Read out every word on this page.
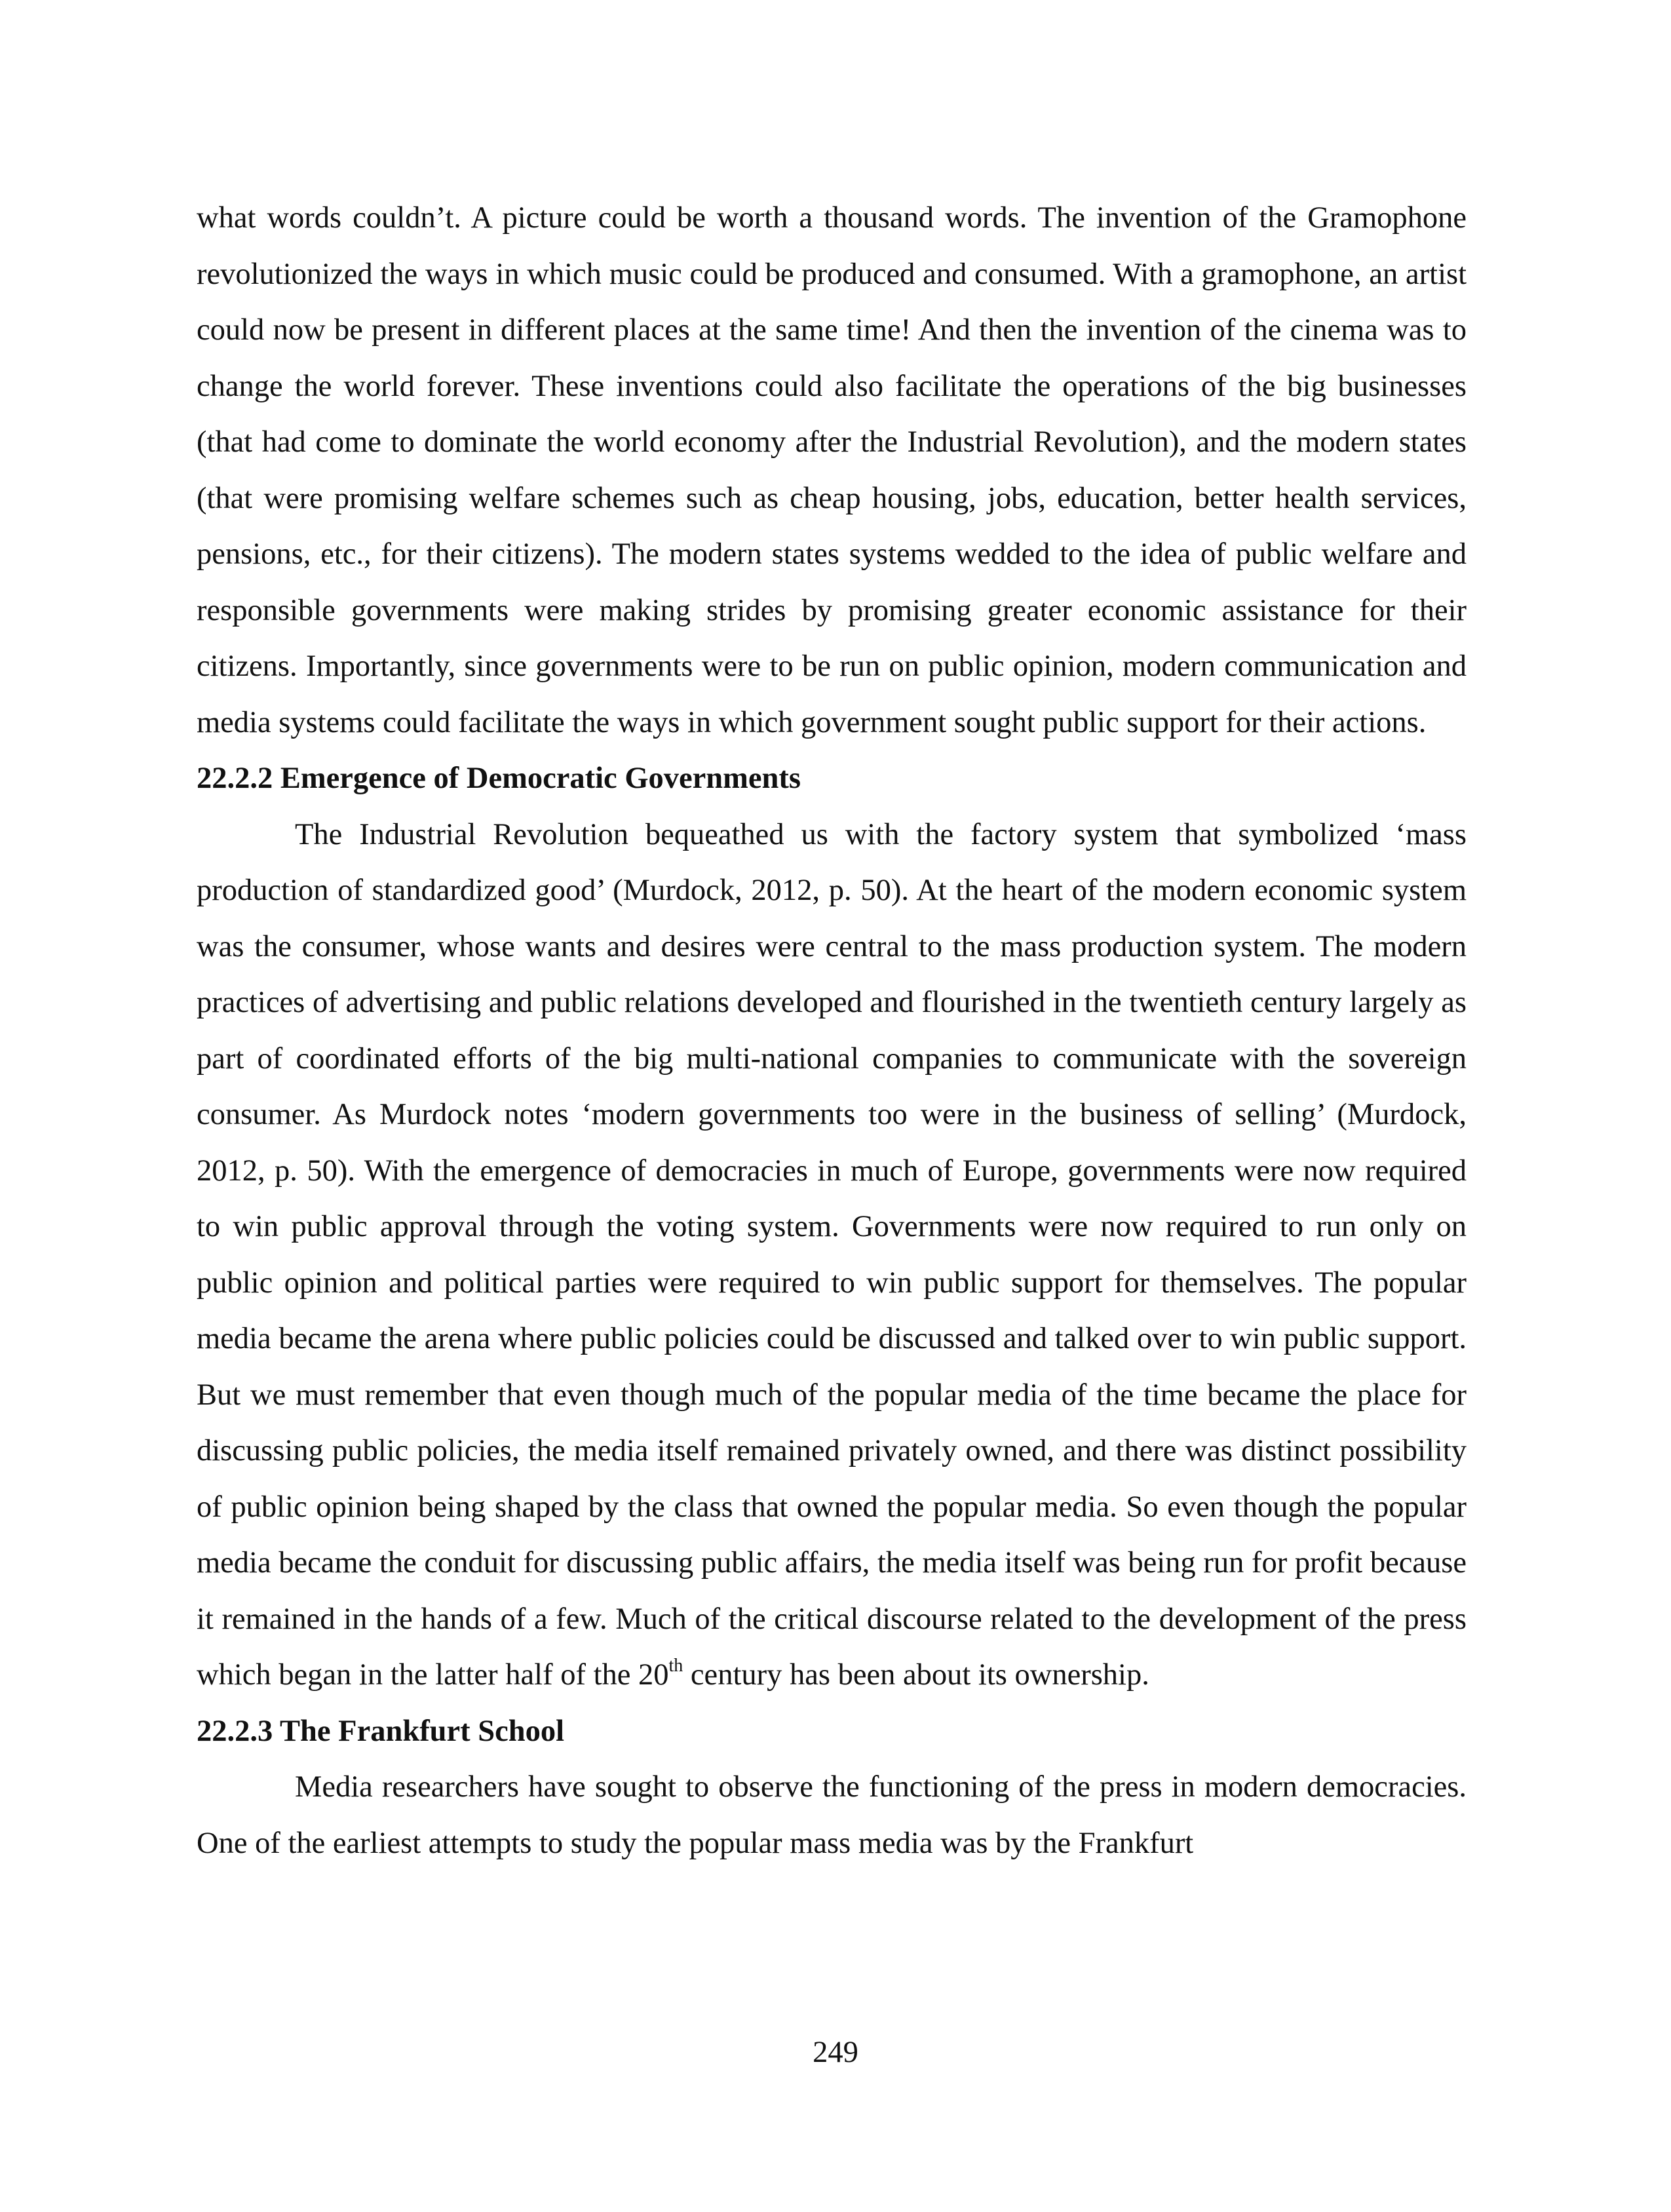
what words couldn’t. A picture could be worth a thousand words. The invention of the Gramophone revolutionized the ways in which music could be produced and consumed. With a gramophone, an artist could now be present in different places at the same time! And then the invention of the cinema was to change the world forever. These inventions could also facilitate the operations of the big businesses (that had come to dominate the world economy after the Industrial Revolution), and the modern states (that were promising welfare schemes such as cheap housing, jobs, education, better health services, pensions, etc., for their citizens). The modern states systems wedded to the idea of public welfare and responsible governments were making strides by promising greater economic assistance for their citizens. Importantly, since governments were to be run on public opinion, modern communication and media systems could facilitate the ways in which government sought public support for their actions.

22.2.2 Emergence of Democratic Governments

The Industrial Revolution bequeathed us with the factory system that symbolized ‘mass production of standardized good’ (Murdock, 2012, p. 50). At the heart of the modern economic system was the consumer, whose wants and desires were central to the mass production system. The modern practices of advertising and public relations developed and flourished in the twentieth century largely as part of coordinated efforts of the big multi-national companies to communicate with the sovereign consumer. As Murdock notes ‘modern governments too were in the business of selling’ (Murdock, 2012, p. 50). With the emergence of democracies in much of Europe, governments were now required to win public approval through the voting system. Governments were now required to run only on public opinion and political parties were required to win public support for themselves. The popular media became the arena where public policies could be discussed and talked over to win public support. But we must remember that even though much of the popular media of the time became the place for discussing public policies, the media itself remained privately owned, and there was distinct possibility of public opinion being shaped by the class that owned the popular media. So even though the popular media became the conduit for discussing public affairs, the media itself was being run for profit because it remained in the hands of a few. Much of the critical discourse related to the development of the press which began in the latter half of the 20th century has been about its ownership.

22.2.3 The Frankfurt School

Media researchers have sought to observe the functioning of the press in modern democracies. One of the earliest attempts to study the popular mass media was by the Frankfurt

249
